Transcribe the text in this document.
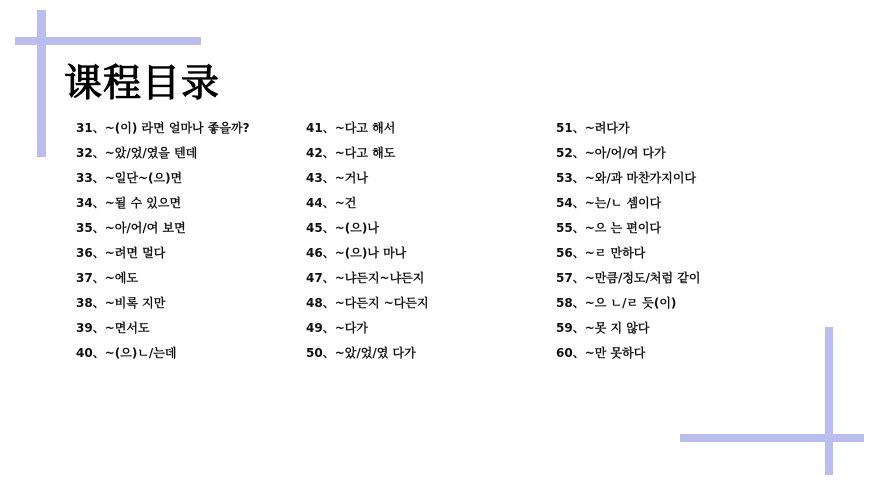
课程目录
31、~(이) 라면 얼마나 좋을까?
32、~았/었/였을 텐데
33、~일단~(으)면
34、~될 수 있으면
35、~아/어/여 보면
36、~려면 멀다
37、~에도
38、~비록 지만
39、~면서도
40、~(으)ㄴ/는데
41、~다고 해서
42、~다고 해도
43、~거나
44、~건
45、~(으)나
46、~(으)나 마나
47、~냐든지~냐든지
48、~다든지 ~다든지
49、~다가
50、~았/었/였 다가
51、~려다가
52、~아/어/여 다가
53、~와/과 마찬가지이다
54、~는/ㄴ 셈이다
55、~으 는 편이다
56、~ㄹ 만하다
57、~만큼/정도/처럼 같이
58、~으 ㄴ/ㄹ 듯(이)
59、~못 지 않다
60、~만 못하다
